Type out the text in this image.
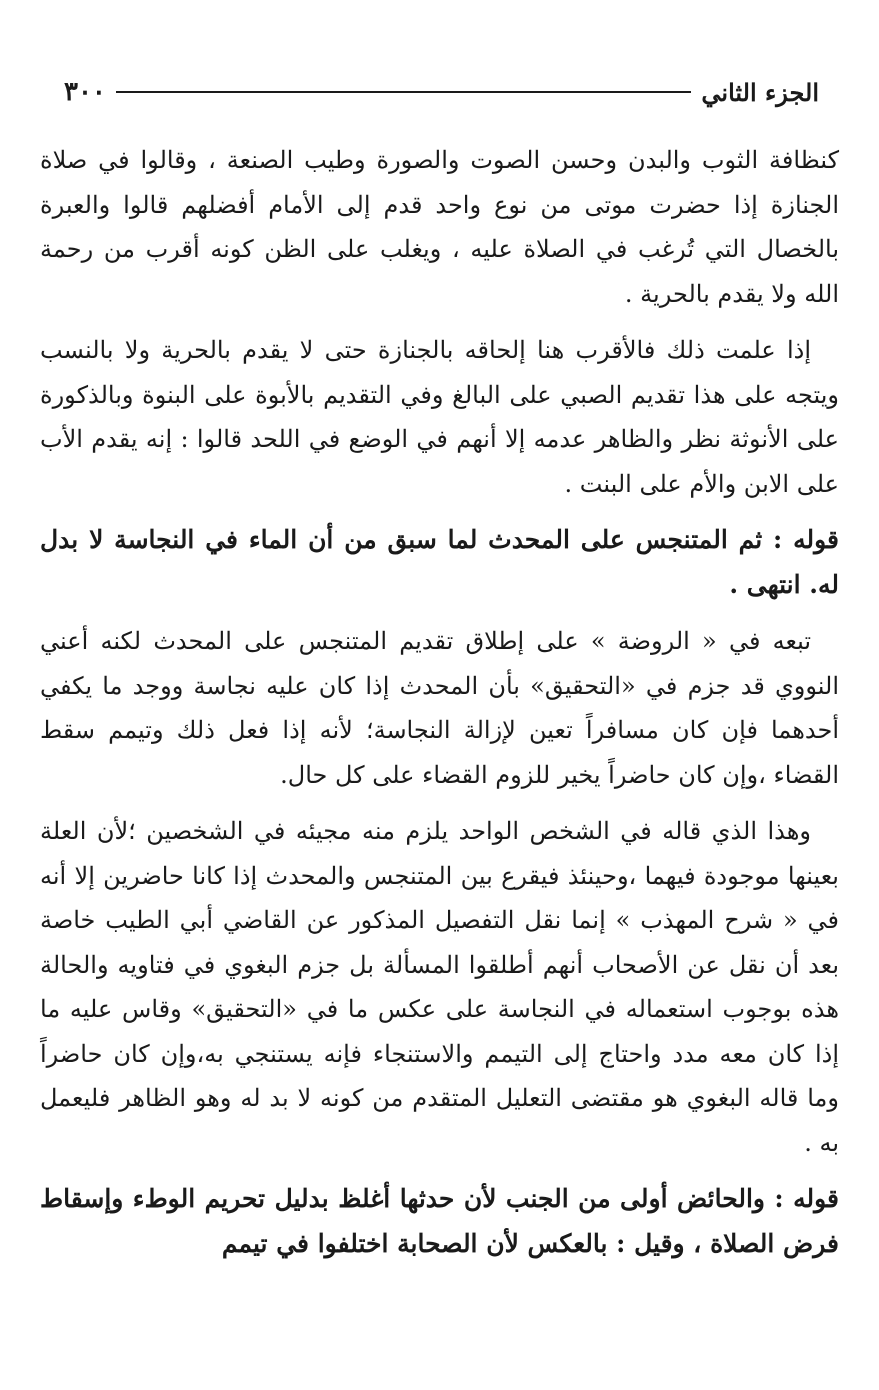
٣٠٠	الجزء الثاني

كنظافة الثوب والبدن وحسن الصوت والصورة وطيب الصنعة ، وقالوا في صلاة الجنازة إذا حضرت موتى من نوع واحد قدم إلى الأمام أفضلهم قالوا والعبرة بالخصال التي تُرغب في الصلاة عليه ، ويغلب على الظن كونه أقرب من رحمة الله ولا يقدم بالحرية .

إذا علمت ذلك فالأقرب هنا إلحاقه بالجنازة حتى لا يقدم بالحرية ولا بالنسب ويتجه على هذا تقديم الصبي على البالغ وفي التقديم بالأبوة على البنوة وبالذكورة على الأنوثة نظر والظاهر عدمه إلا أنهم في الوضع في اللحد قالوا : إنه يقدم الأب على الابن والأم على البنت .

قوله : ثم المتنجس على المحدث لما سبق من أن الماء في النجاسة لا بدل له. انتهى .

تبعه في « الروضة » على إطلاق تقديم المتنجس على المحدث لكنه أعني النووي قد جزم في «التحقيق» بأن المحدث إذا كان عليه نجاسة ووجد ما يكفي أحدهما فإن كان مسافراً تعين لإزالة النجاسة؛ لأنه إذا فعل ذلك وتيمم سقط القضاء ،وإن كان حاضراً يخير للزوم القضاء على كل حال.

وهذا الذي قاله في الشخص الواحد يلزم منه مجيئه في الشخصين ؛لأن العلة بعينها موجودة فيهما ،وحينئذ فيقرع بين المتنجس والمحدث إذا كانا حاضرين إلا أنه في « شرح المهذب » إنما نقل التفصيل المذكور عن القاضي أبي الطيب خاصة بعد أن نقل عن الأصحاب أنهم أطلقوا المسألة بل جزم البغوي في فتاويه والحالة هذه بوجوب استعماله في النجاسة على عكس ما في «التحقيق» وقاس عليه ما إذا كان معه مدد واحتاج إلى التيمم والاستنجاء فإنه يستنجي به،وإن كان حاضراً وما قاله البغوي هو مقتضى التعليل المتقدم من كونه لا بد له وهو الظاهر فليعمل به .

قوله : والحائض أولى من الجنب لأن حدثها أغلظ بدليل تحريم الوطء وإسقاط فرض الصلاة ، وقيل : بالعكس لأن الصحابة اختلفوا في تيمم
